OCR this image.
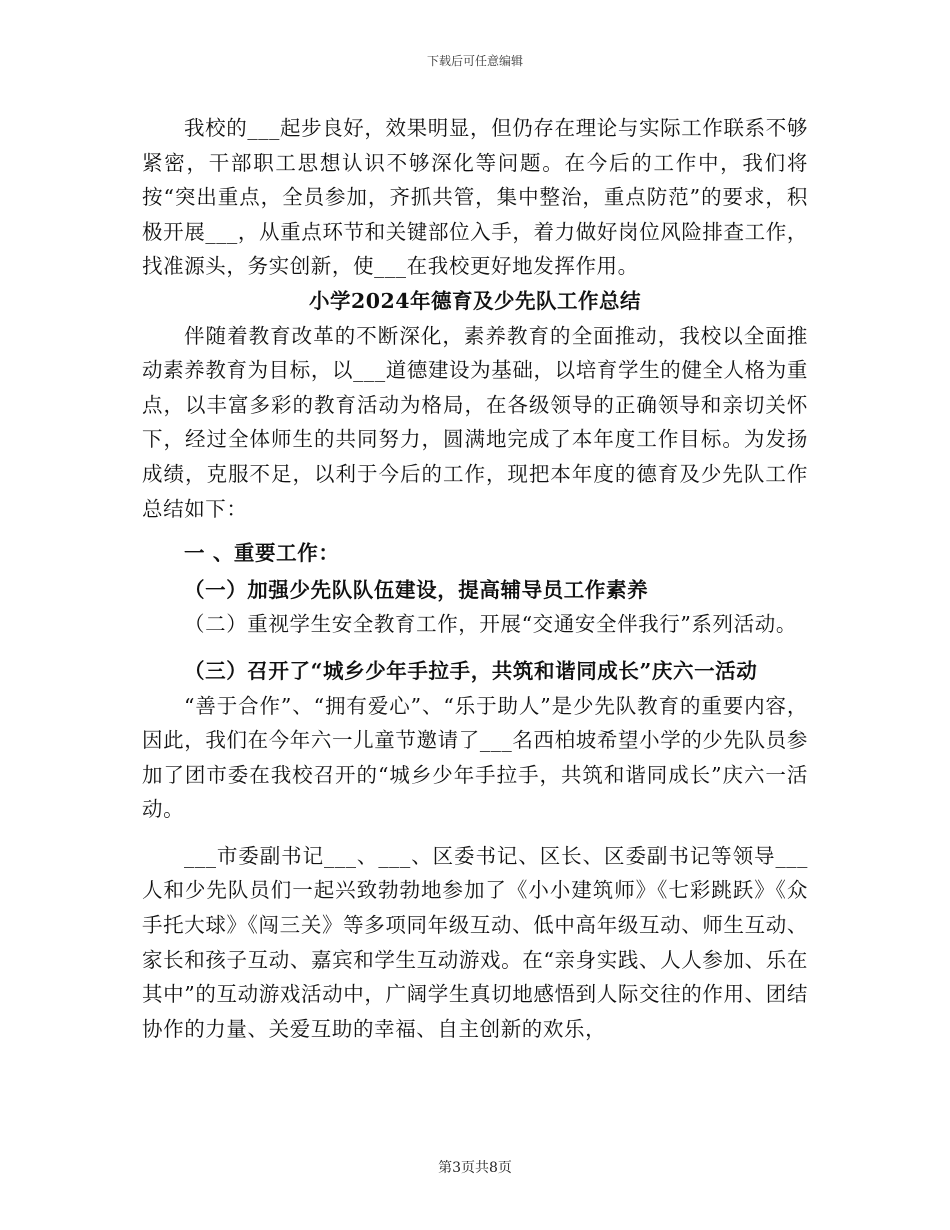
下载后可任意编辑

我校的___起步良好，效果明显，但仍存在理论与实际工作联系不够紧密，干部职工思想认识不够深化等问题。在今后的工作中，我们将按“突出重点，全员参加，齐抓共管，集中整治，重点防范”的要求，积极开展___，从重点环节和关键部位入手，着力做好岗位风险排查工作，找准源头，务实创新，使___在我校更好地发挥作用。

小学2024年德育及少先队工作总结

伴随着教育改革的不断深化，素养教育的全面推动，我校以全面推动素养教育为目标，以___道德建设为基础，以培育学生的健全人格为重点，以丰富多彩的教育活动为格局，在各级领导的正确领导和亲切关怀下，经过全体师生的共同努力，圆满地完成了本年度工作目标。为发扬成绩，克服不足，以利于今后的工作，现把本年度的德育及少先队工作总结如下：

一 、重要工作：

（一）加强少先队队伍建设，提高辅导员工作素养

（二）重视学生安全教育工作，开展“交通安全伴我行”系列活动。

（三）召开了“城乡少年手拉手，共筑和谐同成长”庆六一活动

“善于合作”、“拥有爱心”、“乐于助人”是少先队教育的重要内容，因此，我们在今年六一儿童节邀请了___名西柏坡希望小学的少先队员参加了团市委在我校召开的“城乡少年手拉手，共筑和谐同成长”庆六一活动。

___市委副书记___、___、区委书记、区长、区委副书记等领导___人和少先队员们一起兴致勃勃地参加了《小小建筑师》《七彩跳跃》《众手托大球》《闯三关》等多项同年级互动、低中高年级互动、师生互动、家长和孩子互动、嘉宾和学生互动游戏。在“亲身实践、人人参加、乐在其中”的互动游戏活动中，广阔学生真切地感悟到人际交往的作用、团结协作的力量、关爱互助的幸福、自主创新的欢乐，

第3页共8页
